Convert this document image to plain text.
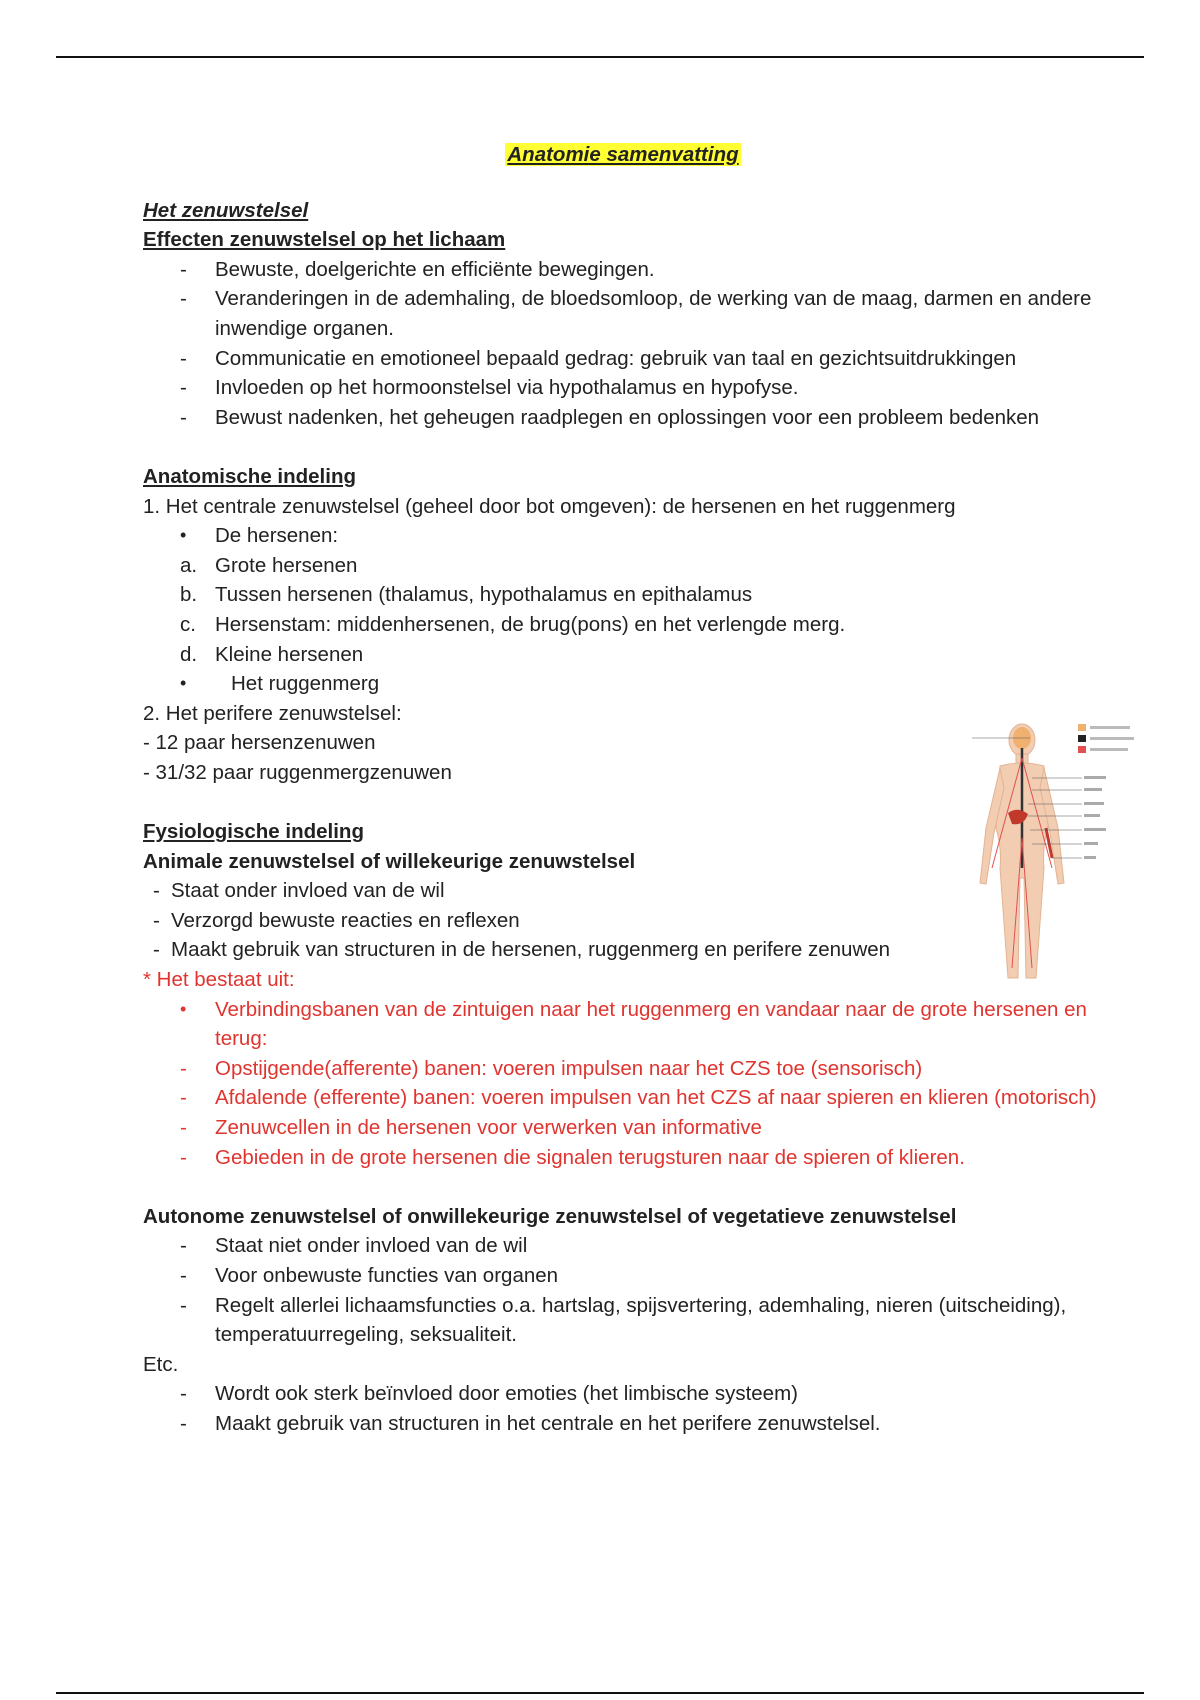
Anatomie samenvatting
Het zenuwstelsel
Effecten zenuwstelsel op het lichaam
- Bewuste, doelgerichte en efficiënte bewegingen.
- Veranderingen in de ademhaling, de bloedsomloop, de werking van de maag, darmen en andere inwendige organen.
- Communicatie en emotioneel bepaald gedrag: gebruik van taal en gezichtsuitdrukkingen
- Invloeden op het hormoonstelsel via hypothalamus en hypofyse.
- Bewust nadenken, het geheugen raadplegen en oplossingen voor een probleem bedenken
Anatomische indeling
1. Het centrale zenuwstelsel (geheel door bot omgeven): de hersenen en het ruggenmerg
• De hersenen:
a. Grote hersenen
b. Tussen hersenen (thalamus, hypothalamus en epithalamus
c. Hersenstam: middenhersenen, de brug(pons) en het verlengde merg.
d. Kleine hersenen
• Het ruggenmerg
2. Het perifere zenuwstelsel:
- 12 paar hersenzenuwen
- 31/32 paar ruggenmergzenuwen
Fysiologische indeling
Animale zenuwstelsel of willekeurige zenuwstelsel
- Staat onder invloed van de wil
- Verzorgd bewuste reacties en reflexen
- Maakt gebruik van structuren in de hersenen, ruggenmerg en perifere zenuwen
* Het bestaat uit:
• Verbindingsbanen van de zintuigen naar het ruggenmerg en vandaar naar de grote hersenen en terug:
- Opstijgende(afferente) banen: voeren impulsen naar het CZS toe (sensorisch)
- Afdalende (efferente) banen: voeren impulsen van het CZS af naar spieren en klieren (motorisch)
- Zenuwcellen in de hersenen voor verwerken van informative
- Gebieden in de grote hersenen die signalen terugsturen naar de spieren of klieren.
Autonome zenuwstelsel of onwillekeurige zenuwstelsel of vegetatieve zenuwstelsel
- Staat niet onder invloed van de wil
- Voor onbewuste functies van organen
- Regelt allerlei lichaamsfuncties o.a. hartslag, spijsvertering, ademhaling, nieren (uitscheiding), temperatuurregeling, seksualiteit.
Etc.
- Wordt ook sterk beïnvloed door emoties (het limbische systeem)
- Maakt gebruik van structuren in het centrale en het perifere zenuwstelsel.
